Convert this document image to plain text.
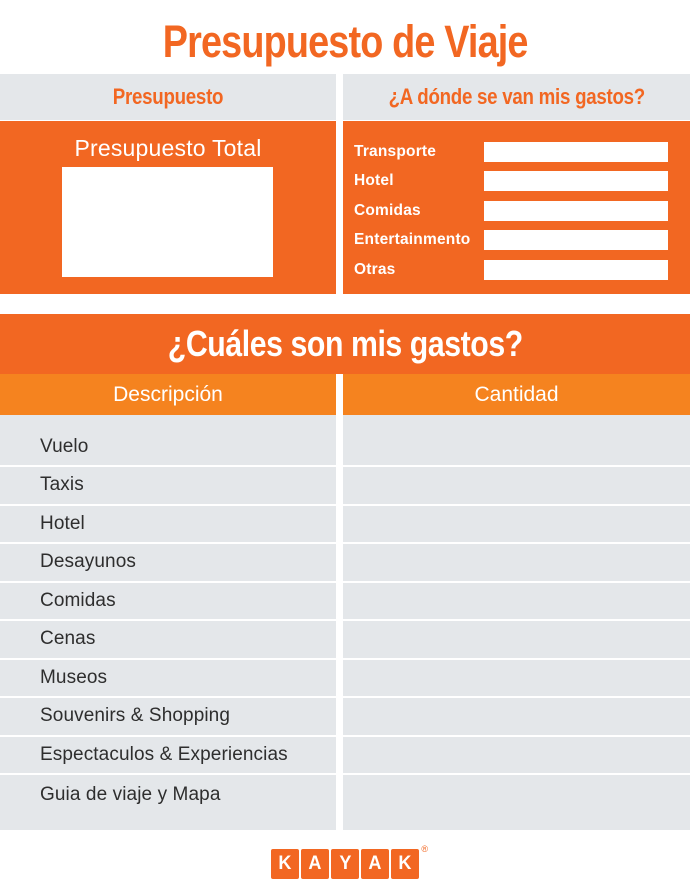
Presupuesto de Viaje
Presupuesto	¿A dónde se van mis gastos?
Presupuesto Total	Transporte
Hotel
Comidas
Entertainmento
Otras
¿Cuáles son mis gastos?
Descripción	Cantidad
Vuelo
Taxis
Hotel
Desayunos
Comidas
Cenas
Museos
Souvenirs & Shopping
Espectaculos & Experiencias
Guia de viaje y Mapa
K A Y A K
®
